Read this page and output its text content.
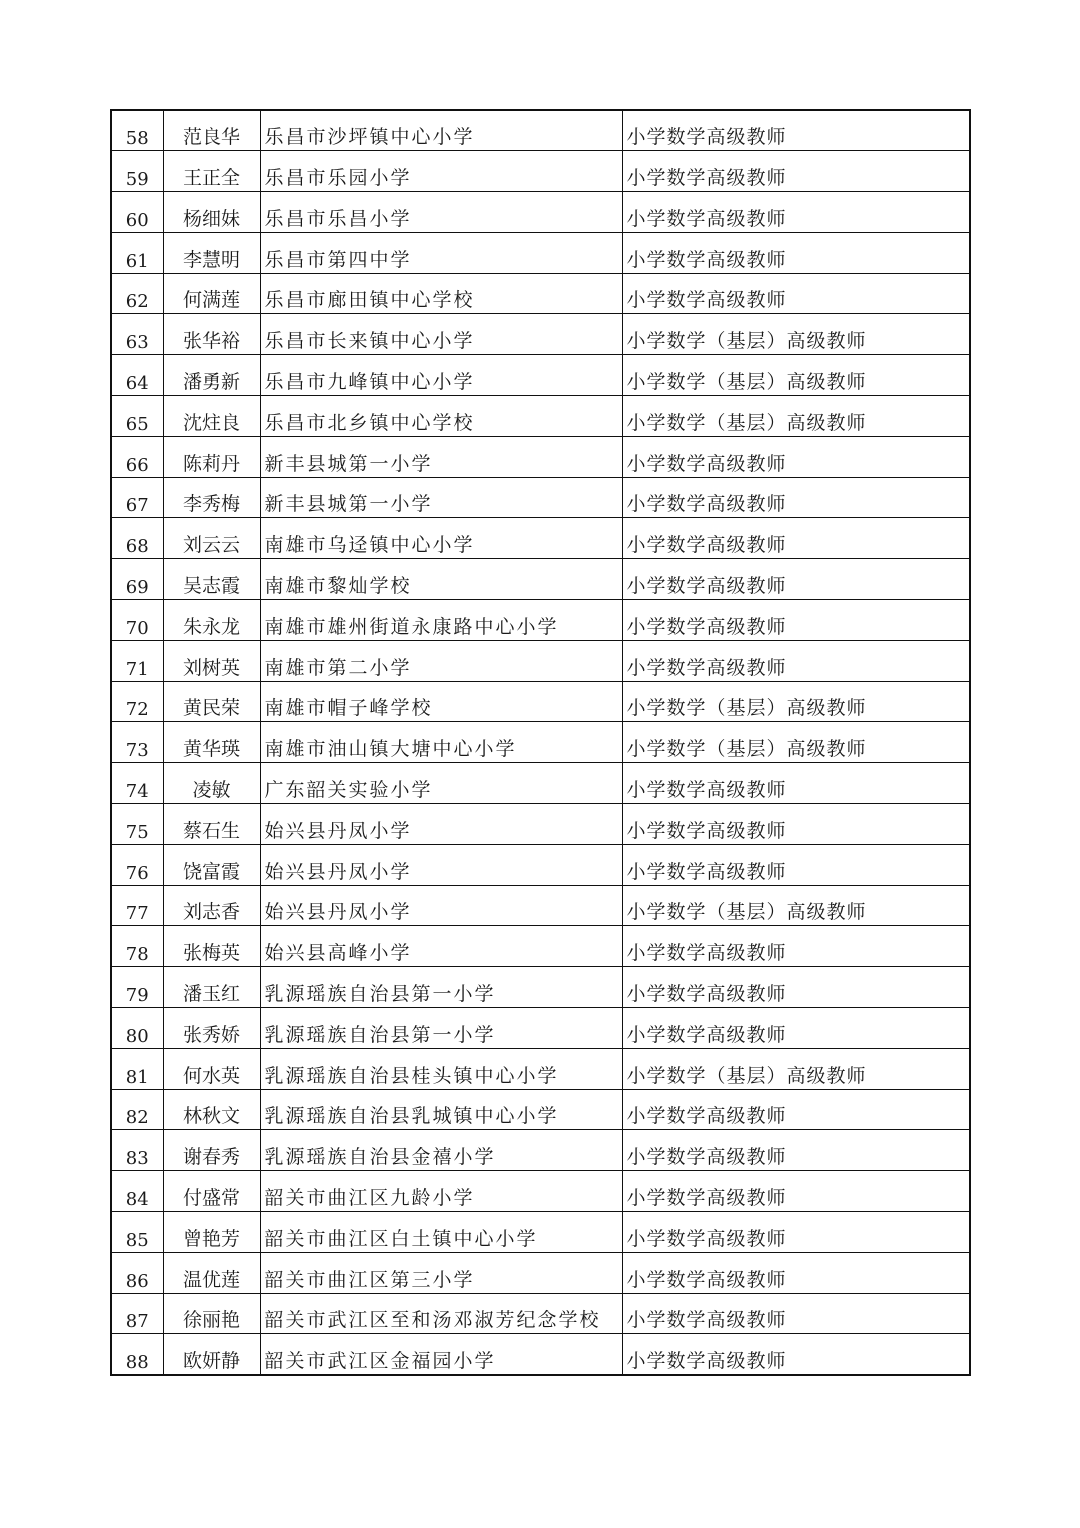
58	范良华	乐昌市沙坪镇中心小学	小学数学高级教师
59	王正全	乐昌市乐园小学	小学数学高级教师
60	杨细妹	乐昌市乐昌小学	小学数学高级教师
61	李慧明	乐昌市第四中学	小学数学高级教师
62	何满莲	乐昌市廊田镇中心学校	小学数学高级教师
63	张华裕	乐昌市长来镇中心小学	小学数学（基层）高级教师
64	潘勇新	乐昌市九峰镇中心小学	小学数学（基层）高级教师
65	沈炷良	乐昌市北乡镇中心学校	小学数学（基层）高级教师
66	陈莉丹	新丰县城第一小学	小学数学高级教师
67	李秀梅	新丰县城第一小学	小学数学高级教师
68	刘云云	南雄市乌迳镇中心小学	小学数学高级教师
69	吴志霞	南雄市黎灿学校	小学数学高级教师
70	朱永龙	南雄市雄州街道永康路中心小学	小学数学高级教师
71	刘树英	南雄市第二小学	小学数学高级教师
72	黄民荣	南雄市帽子峰学校	小学数学（基层）高级教师
73	黄华瑛	南雄市油山镇大塘中心小学	小学数学（基层）高级教师
74	凌敏	广东韶关实验小学	小学数学高级教师
75	蔡石生	始兴县丹凤小学	小学数学高级教师
76	饶富霞	始兴县丹凤小学	小学数学高级教师
77	刘志香	始兴县丹凤小学	小学数学（基层）高级教师
78	张梅英	始兴县高峰小学	小学数学高级教师
79	潘玉红	乳源瑶族自治县第一小学	小学数学高级教师
80	张秀娇	乳源瑶族自治县第一小学	小学数学高级教师
81	何水英	乳源瑶族自治县桂头镇中心小学	小学数学（基层）高级教师
82	林秋文	乳源瑶族自治县乳城镇中心小学	小学数学高级教师
83	谢春秀	乳源瑶族自治县金禧小学	小学数学高级教师
84	付盛常	韶关市曲江区九龄小学	小学数学高级教师
85	曾艳芳	韶关市曲江区白土镇中心小学	小学数学高级教师
86	温优莲	韶关市曲江区第三小学	小学数学高级教师
87	徐丽艳	韶关市武江区至和汤邓淑芳纪念学校	小学数学高级教师
88	欧妍静	韶关市武江区金福园小学	小学数学高级教师
